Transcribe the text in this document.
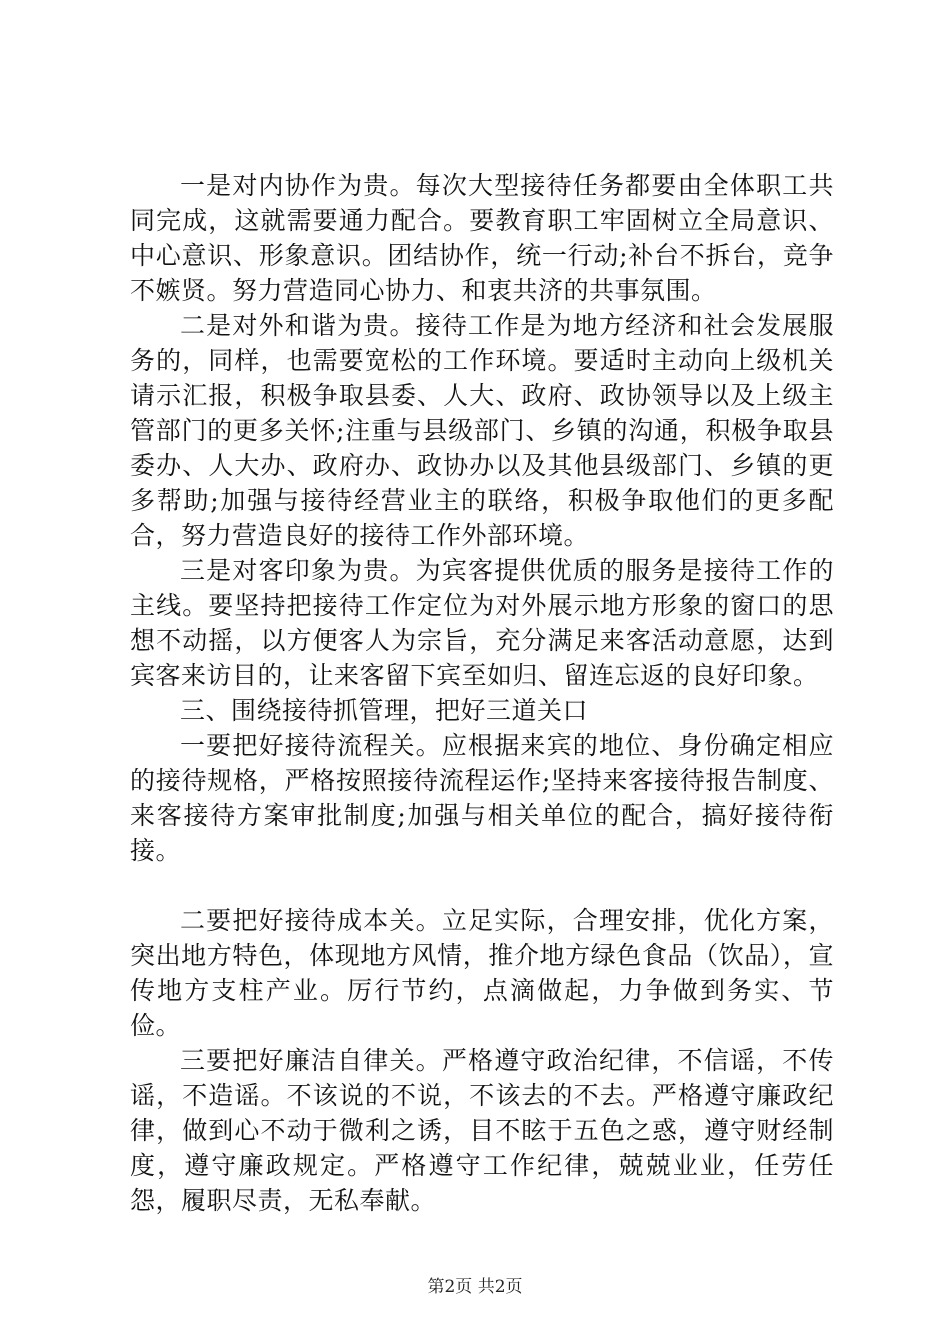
一是对内协作为贵。每次大型接待任务都要由全体职工共同完成，这就需要通力配合。要教育职工牢固树立全局意识、中心意识、形象意识。团结协作，统一行动;补台不拆台，竞争不嫉贤。努力营造同心协力、和衷共济的共事氛围。

二是对外和谐为贵。接待工作是为地方经济和社会发展服务的，同样，也需要宽松的工作环境。要适时主动向上级机关请示汇报，积极争取县委、人大、政府、政协领导以及上级主管部门的更多关怀;注重与县级部门、乡镇的沟通，积极争取县委办、人大办、政府办、政协办以及其他县级部门、乡镇的更多帮助;加强与接待经营业主的联络，积极争取他们的更多配合，努力营造良好的接待工作外部环境。

三是对客印象为贵。为宾客提供优质的服务是接待工作的主线。要坚持把接待工作定位为对外展示地方形象的窗口的思想不动摇，以方便客人为宗旨，充分满足来客活动意愿，达到宾客来访目的，让来客留下宾至如归、留连忘返的良好印象。

三、围绕接待抓管理，把好三道关口

一要把好接待流程关。应根据来宾的地位、身份确定相应的接待规格，严格按照接待流程运作;坚持来客接待报告制度、来客接待方案审批制度;加强与相关单位的配合，搞好接待衔接。

二要把好接待成本关。立足实际，合理安排，优化方案，突出地方特色，体现地方风情，推介地方绿色食品（饮品），宣传地方支柱产业。厉行节约，点滴做起，力争做到务实、节俭。

三要把好廉洁自律关。严格遵守政治纪律，不信谣，不传谣，不造谣。不该说的不说，不该去的不去。严格遵守廉政纪律，做到心不动于微利之诱，目不眩于五色之惑，遵守财经制度，遵守廉政规定。严格遵守工作纪律，兢兢业业，任劳任怨，履职尽责，无私奉献。

第2页 共2页
